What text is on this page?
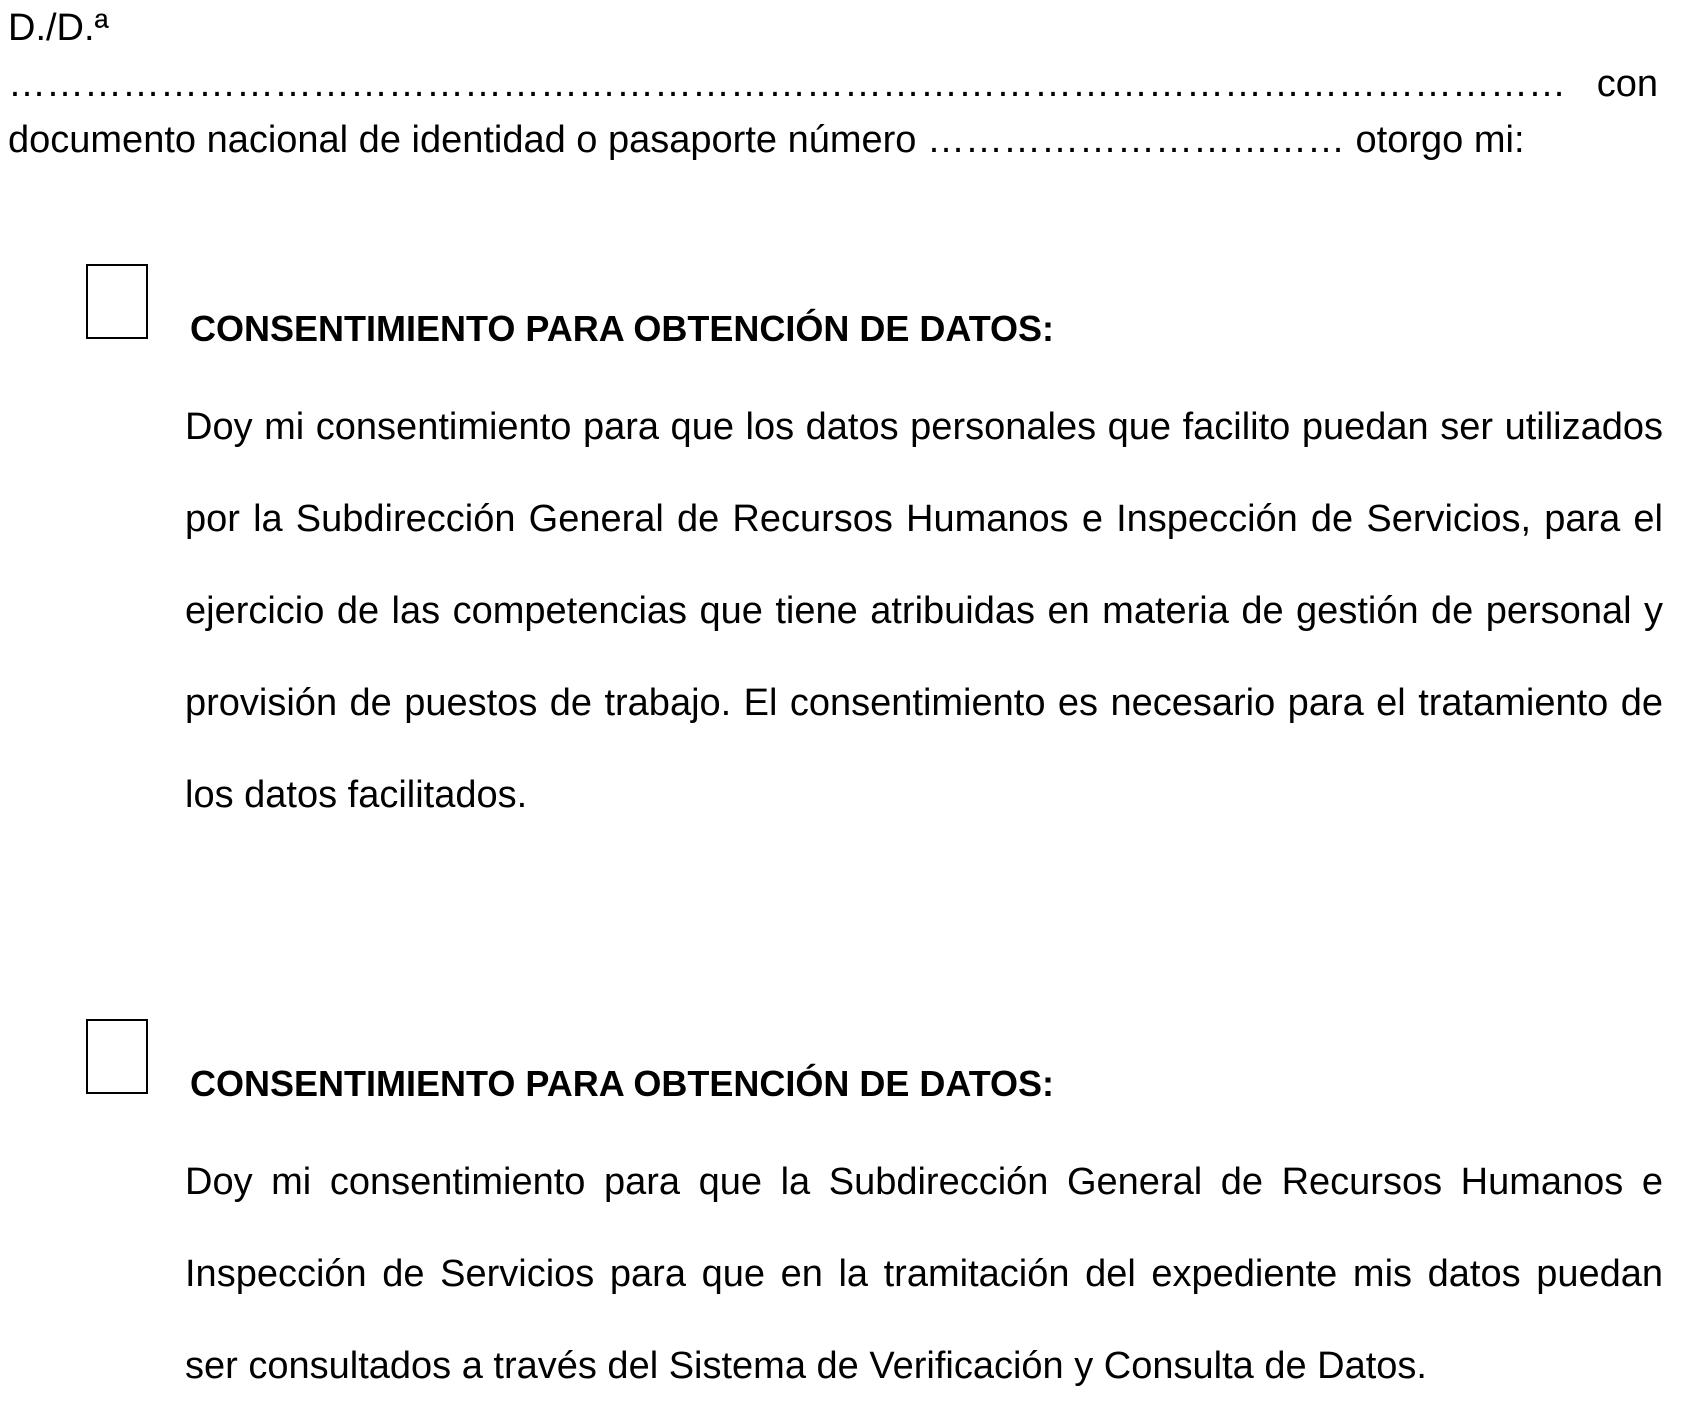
D./D.ª …………………………………………………………………………………………………………… con
documento nacional de identidad o pasaporte número …………………………… otorgo mi:
CONSENTIMIENTO PARA OBTENCIÓN DE DATOS:
Doy mi consentimiento para que los datos personales que facilito puedan ser utilizados por la Subdirección General de Recursos Humanos e Inspección de Servicios, para el ejercicio de las competencias que tiene atribuidas en materia de gestión de personal y provisión de puestos de trabajo. El consentimiento es necesario para el tratamiento de los datos facilitados.
CONSENTIMIENTO PARA OBTENCIÓN DE DATOS:
Doy mi consentimiento para que la Subdirección General de Recursos Humanos e Inspección de Servicios para que en la tramitación del expediente mis datos puedan ser consultados a través del Sistema de Verificación y Consulta de Datos.
